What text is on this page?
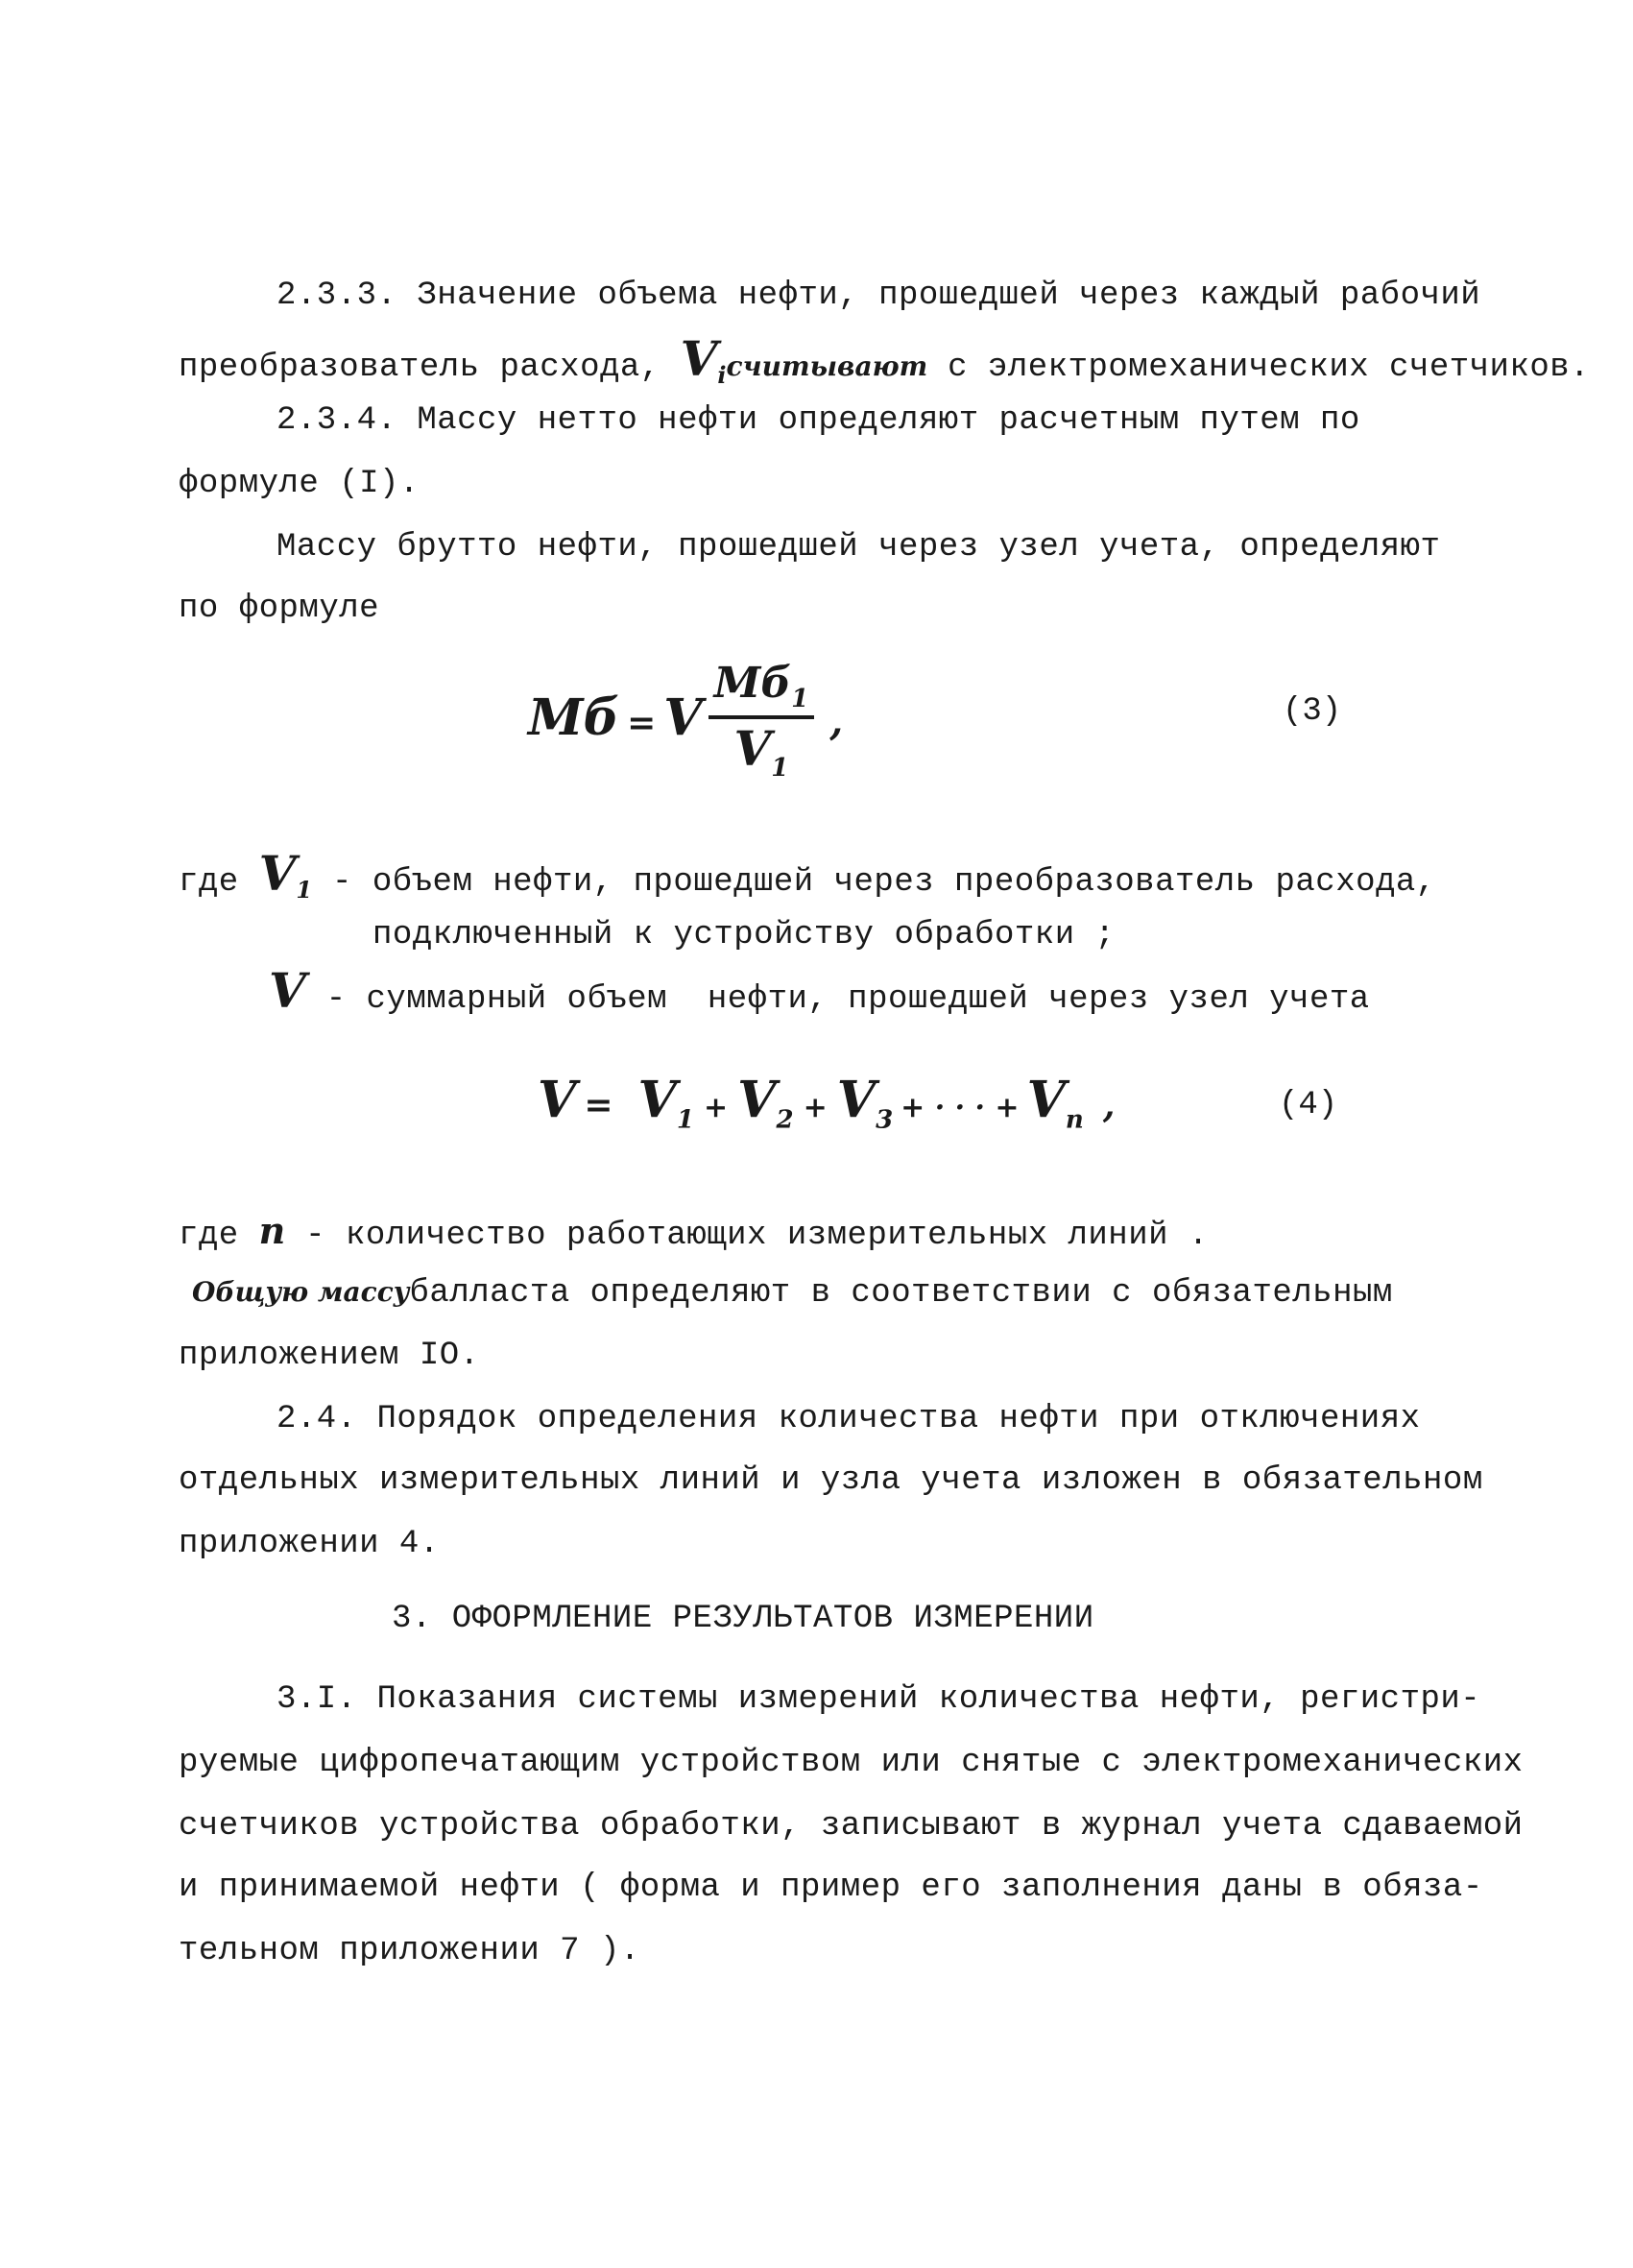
2.3.3. Значение объема нефти, прошедшей через каждый рабочий
преобразователь расхода, $V_iсчитывают$ с электромеханических счетчиков.
2.3.4. Массу нетто нефти определяют расчетным путем по
формуле (I).
Массу брутто нефти, прошедшей через узел учета, определяют
по формуле
Mб = V $\frac{Mб_1}{V_1}$ ,	(3)
где $V_1$ - объем нефти, прошедшей через преобразователь расхода,
подключенный к устройству обработки ;
V - суммарный объем  нефти, прошедшей через узел учета
$V = V_1 + V_2 + V_3$ + · · · + $V_n$ ,	(4)
где n - количество работающих измерительных линий .
Общую массубалласта определяют в соответствии с обязательным
приложением IO.
2.4. Порядок определения количества нефти при отключениях
отдельных измерительных линий и узла учета изложен в обязательном
приложении 4.
3. ОФОРМЛЕНИЕ РЕЗУЛЬТАТОВ ИЗМЕРЕНИИ
3.I. Показания системы измерений количества нефти, регистри-
руемые цифропечатающим устройством или снятые с электромеханических
счетчиков устройства обработки, записывают в журнал учета сдаваемой
и принимаемой нефти ( форма и пример его заполнения даны в обяза-
тельном приложении 7 ).
